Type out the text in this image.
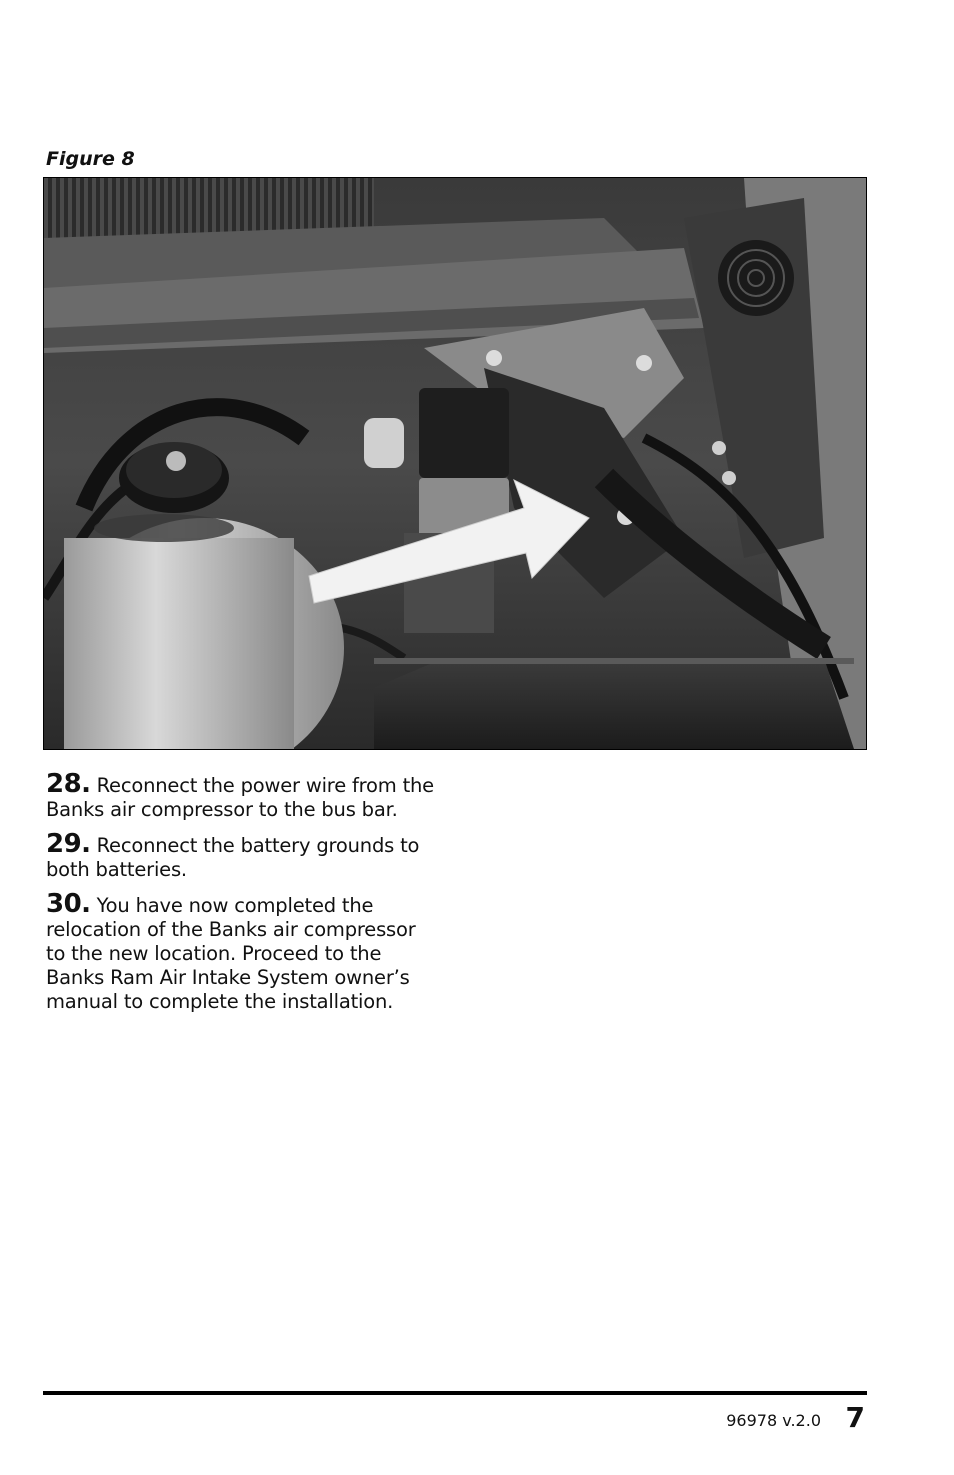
Figure 8

28. Reconnect the power wire from the Banks air compressor to the bus bar.

29. Reconnect the battery grounds to both batteries.

30. You have now completed the relocation of the Banks air compressor to the new location. Proceed to the Banks Ram Air Intake System owner’s manual to complete the installation.

96978 v.2.0 7
